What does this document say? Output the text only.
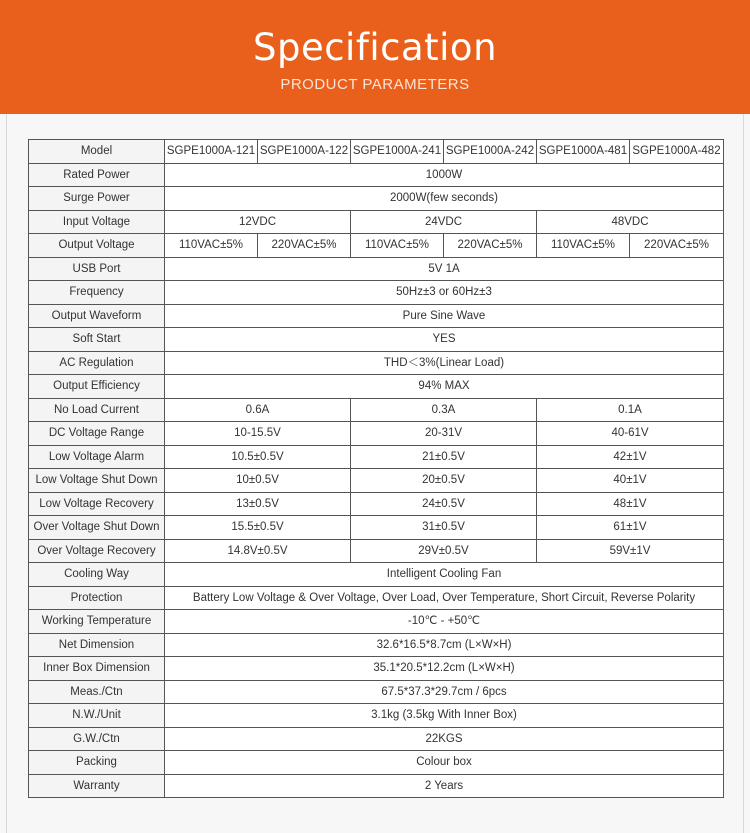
Specification
PRODUCT PARAMETERS
Model	SGPE1000A-121	SGPE1000A-122	SGPE1000A-241	SGPE1000A-242	SGPE1000A-481	SGPE1000A-482
Rated Power	1000W					
Surge Power	2000W(few seconds)					
Input Voltage	12VDC		24VDC		48VDC	
Output Voltage	110VAC±5%	220VAC±5%	110VAC±5%	220VAC±5%	110VAC±5%	220VAC±5%
USB Port	5V 1A					
Frequency	50Hz±3 or 60Hz±3					
Output Waveform	Pure Sine Wave					
Soft Start	YES					
AC Regulation	THD＜3%(Linear Load)					
Output Efficiency	94% MAX					
No Load Current	0.6A		0.3A		0.1A	
DC Voltage Range	10-15.5V		20-31V		40-61V	
Low Voltage Alarm	10.5±0.5V		21±0.5V		42±1V	
Low Voltage Shut Down	10±0.5V		20±0.5V		40±1V	
Low Voltage Recovery	13±0.5V		24±0.5V		48±1V	
Over Voltage Shut Down	15.5±0.5V		31±0.5V		61±1V	
Over Voltage Recovery	14.8V±0.5V		29V±0.5V		59V±1V	
Cooling Way	Intelligent Cooling Fan					
Protection	Battery Low Voltage & Over Voltage, Over Load, Over Temperature, Short Circuit, Reverse Polarity					
Working Temperature	-10℃ - +50℃					
Net Dimension	32.6*16.5*8.7cm (L×W×H)					
Inner Box Dimension	35.1*20.5*12.2cm (L×W×H)					
Meas./Ctn	67.5*37.3*29.7cm / 6pcs					
N.W./Unit	3.1kg (3.5kg With Inner Box)					
G.W./Ctn	22KGS					
Packing	Colour box					
Warranty	2 Years					
